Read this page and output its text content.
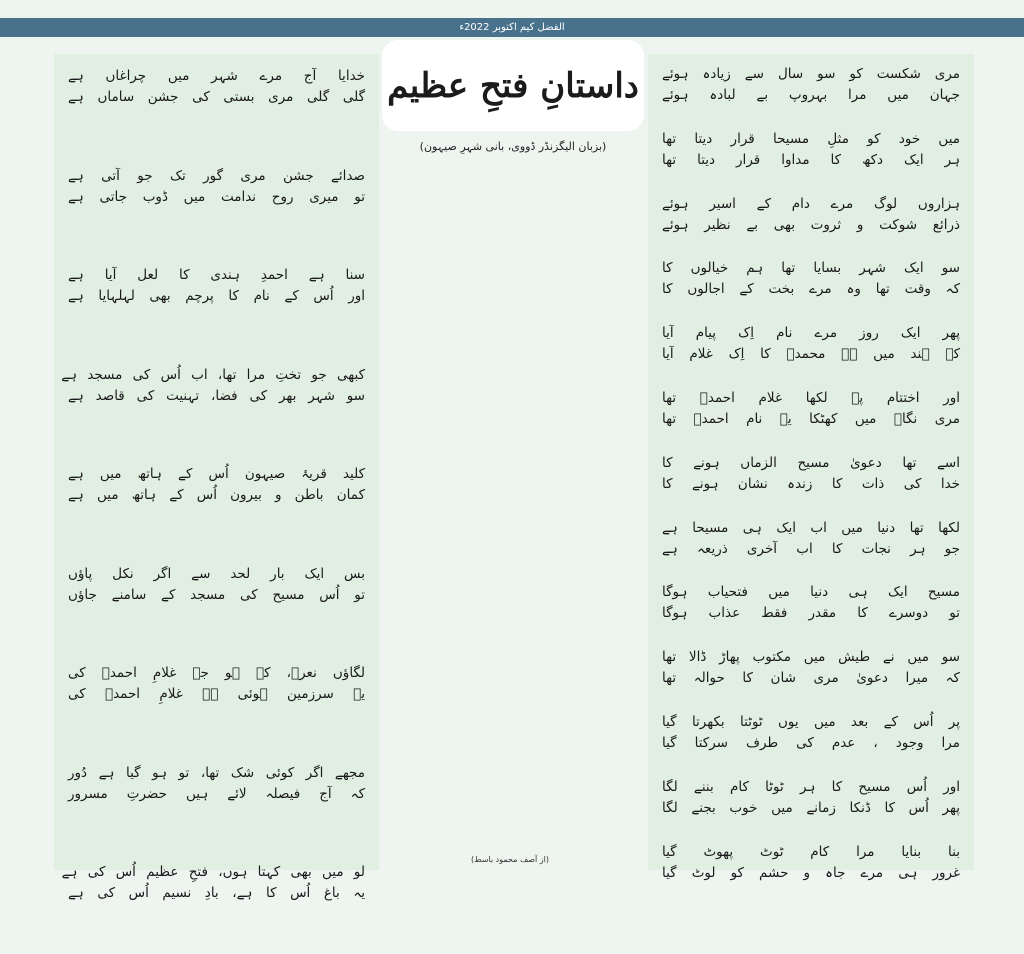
الفضل کیم اکتوبر 2022ء
مری شکست کو سو سال سے زیادہ ہوئے
جہان میں مرا بہروپ بے لبادہ ہوئے
میں خود کو مثلِ مسیحا قرار دیتا تھا
ہر ایک دکھ کا مداوا قرار دیتا تھا
ہزاروں لوگ مرے دام کے اسیر ہوئے
ذرائع شوکت و ثروت بھی بے نظیر ہوئے
سو ایک شہر بسایا تھا ہم خیالوں کا
کہ وقت تھا وہ مرے بخت کے اجالوں کا
پھر ایک روز مرے نام اِک پیام آیا
کہ ہند میں ہے محمدؐ کا اِک غلام آیا
اور اختتام پہ لکھا غلام احمدؐ تھا
مری نگاہ میں کھٹکا یہ نام احمدؐ تھا
اسے تھا دعویٰ مسیح الزماں ہونے کا
خدا کی ذات کا زندہ نشان ہونے کا
لکھا تھا دنیا میں اب ایک ہی مسیحا ہے
جو ہر نجات کا اب آخری ذریعہ ہے
مسیح ایک ہی دنیا میں فتحیاب ہوگا
تو دوسرے کا مقدر فقط عذاب ہوگا
سو میں نے طیش میں مکتوب پھاڑ ڈالا تھا
کہ میرا دعویٰ مری شان کا حوالہ تھا
پر اُس کے بعد میں یوں ٹوٹتا بکھرتا گیا
مرا وجود ، عدم کی طرف سرکتا گیا
اور اُس مسیح کا ہر ٹوٹا کام بننے لگا
پھر اُس کا ڈنکا زمانے میں خوب بجنے لگا
بنا بنایا مرا کام ٹوٹ پھوٹ گیا
غرور ہی مرے جاہ و حشم کو لوٹ گیا
داستانِ فتحِ عظیم
(بزبان الیگزنڈر ڈووی، بانی شہرِ صیہون)
خدایا آج مرے شہر میں چراغاں ہے
گلی گلی مری بستی کی جشن ساماں ہے
صدائے جشن مری گور تک جو آتی ہے
تو میری روح ندامت میں ڈوب جاتی ہے
سنا ہے احمدِ ہندی کا لعل آیا ہے
اور اُس کے نام کا پرچم بھی لہلہایا ہے
کبھی جو تختِ مرا تھا، اب اُس کی مسجد ہے
سو شہر بھر کی فضا، تہنیت کی قاصد ہے
کلید قریۂ صیہون اُس کے ہاتھ میں ہے
کمان باطن و بیرون اُس کے ہاتھ میں ہے
بس ایک بار لحد سے اگر نکل پاؤں
تو اُس مسیح کی مسجد کے سامنے جاؤں
لگاؤں نعرہ، کہ ہو جے غلامِ احمدؐ کی
یہ سرزمین ہوئی ہے غلامِ احمدؐ کی
مجھے اگر کوئی شک تھا، تو ہو گیا ہے دُور
کہ آج فیصلہ لائے ہیں حضرتِ مسرور
لو میں بھی کہتا ہوں، فتحِ عظیم اُس کی ہے
یہ باغ اُس کا ہے، بادِ نسیم اُس کی ہے
(از آصف محمود باسط)
